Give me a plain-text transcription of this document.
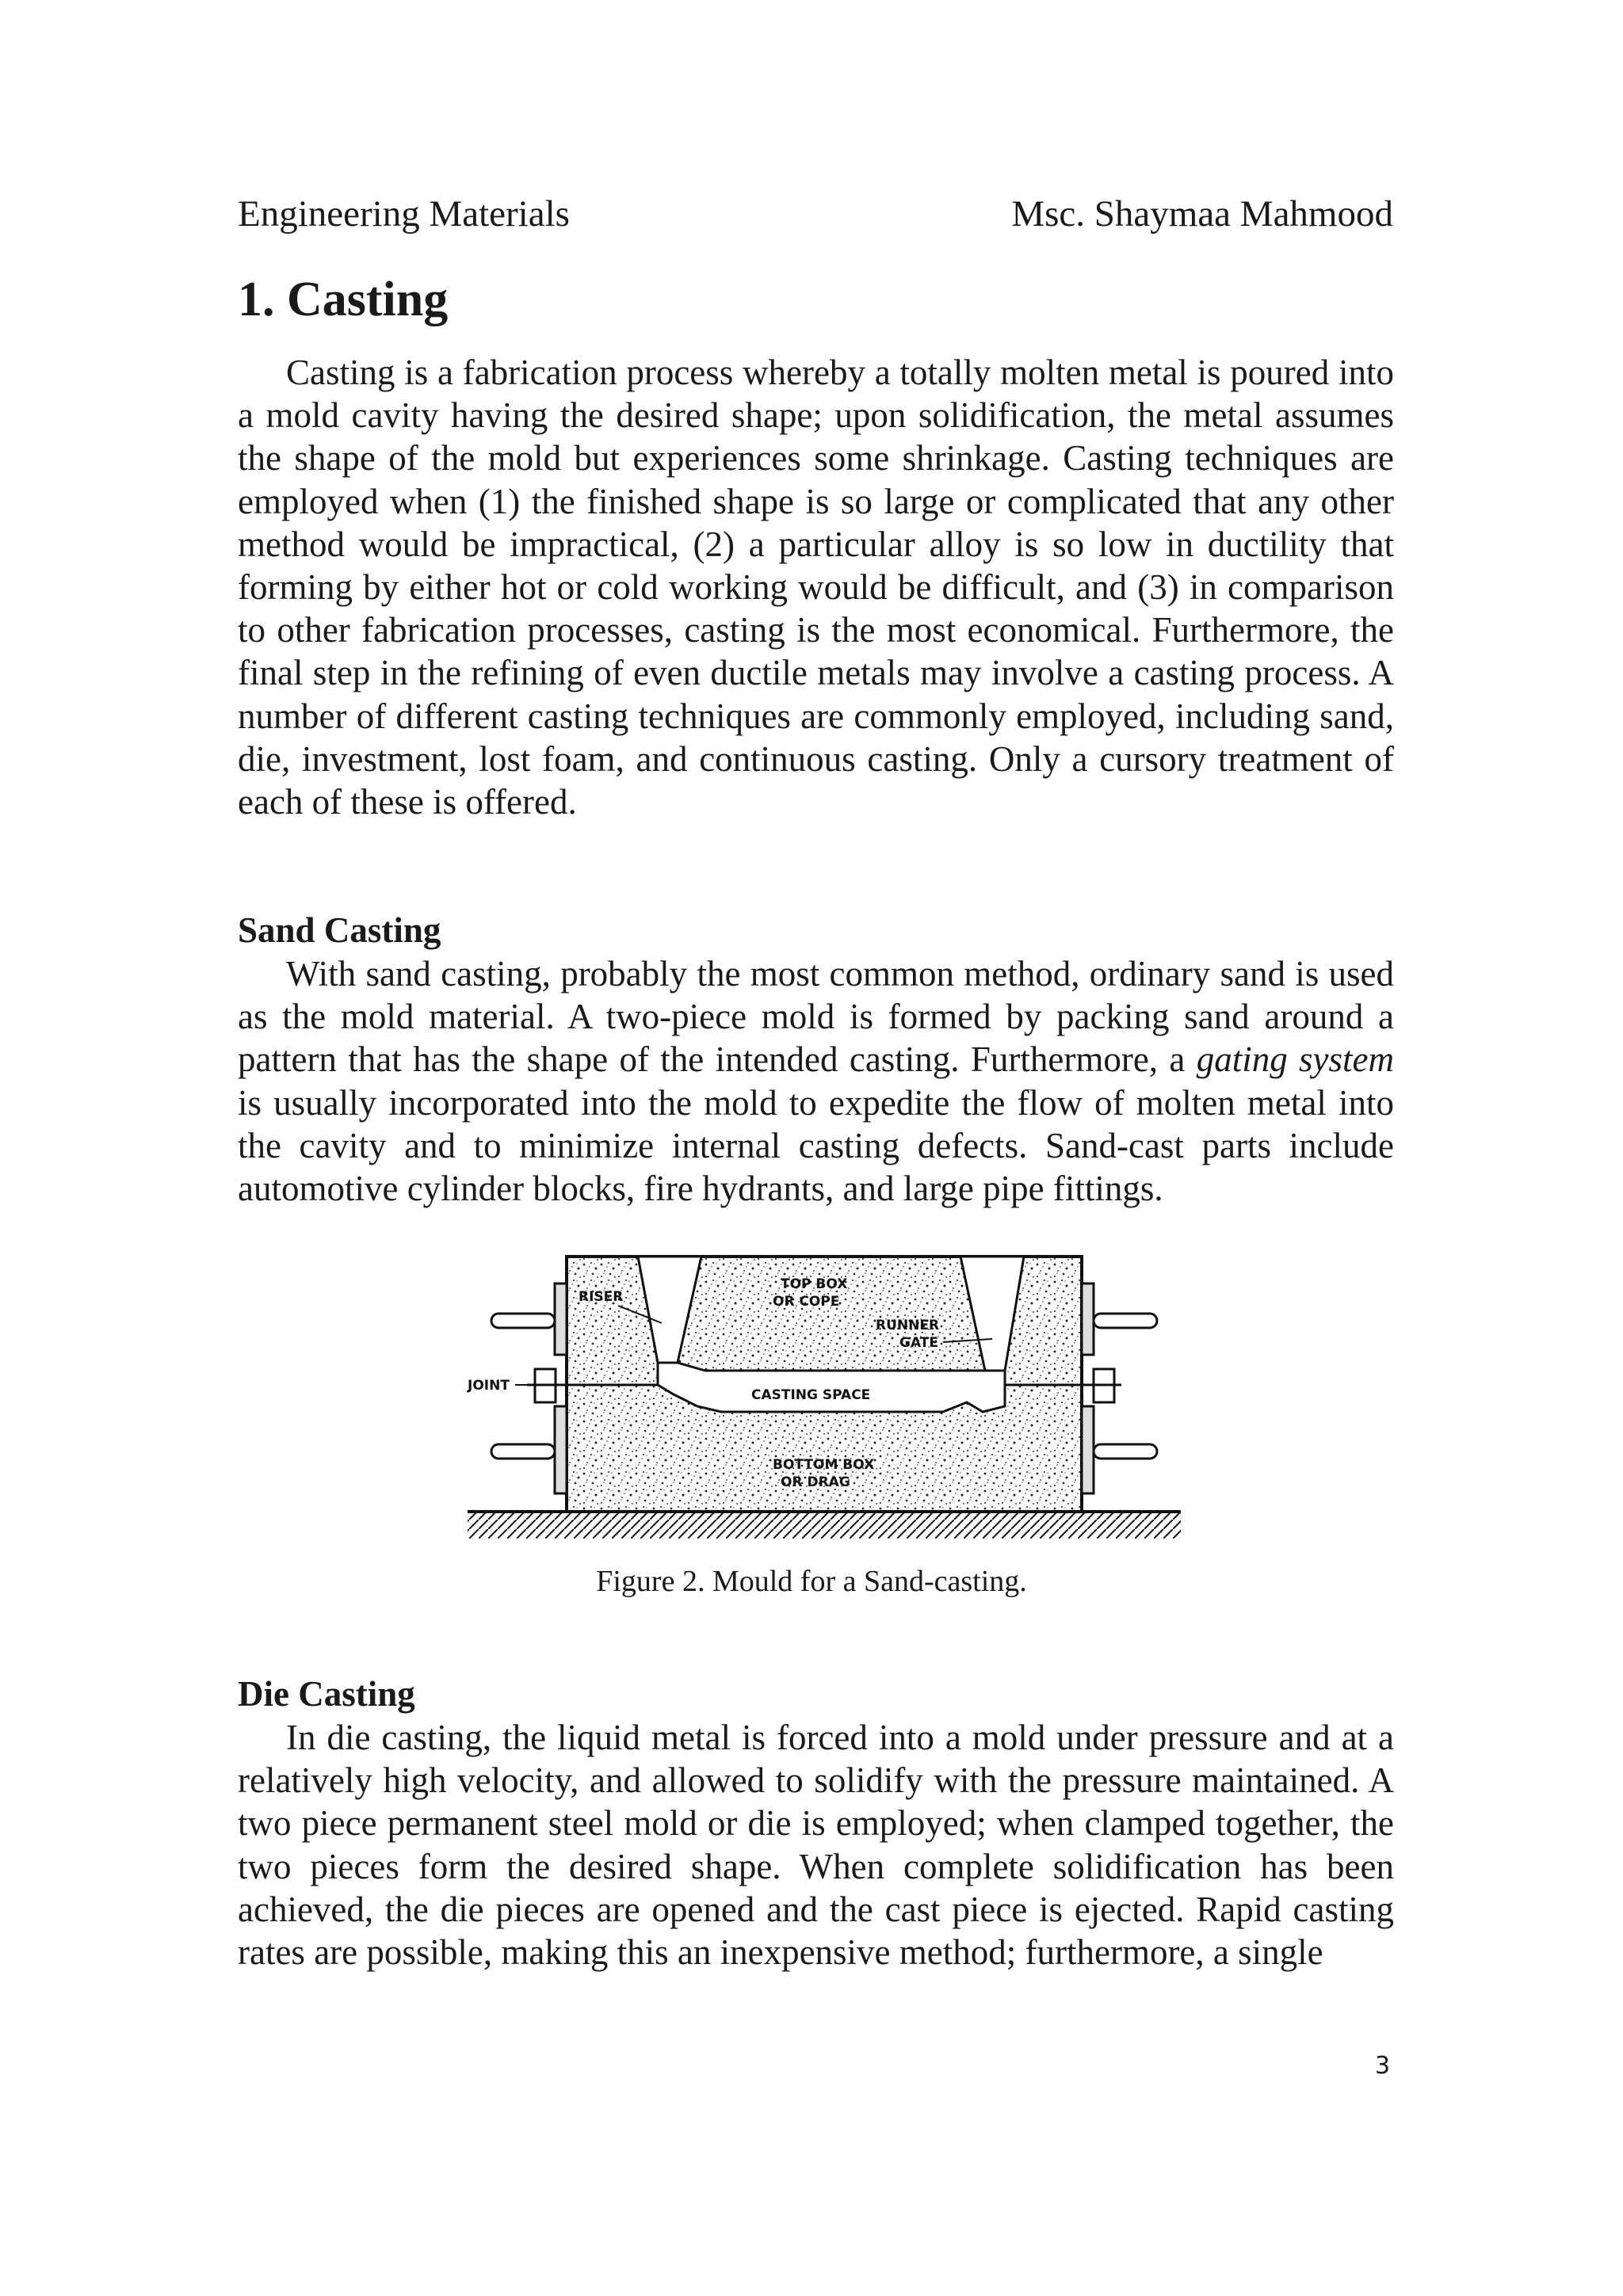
Engineering Materials	Msc. Shaymaa Mahmood
1. Casting

Casting is a fabrication process whereby a totally molten metal is poured into a mold cavity having the desired shape; upon solidification, the metal assumes the shape of the mold but experiences some shrinkage. Casting techniques are employed when (1) the finished shape is so large or complicated that any other method would be impractical, (2) a particular alloy is so low in ductility that forming by either hot or cold working would be difficult, and (3) in comparison to other fabrication processes, casting is the most economical. Furthermore, the final step in the refining of even ductile metals may involve a casting process. A number of different casting techniques are commonly employed, including sand, die, investment, lost foam, and continuous casting. Only a cursory treatment of each of these is offered.

Sand Casting

With sand casting, probably the most common method, ordinary sand is used as the mold material. A two-piece mold is formed by packing sand around a pattern that has the shape of the intended casting. Furthermore, a gating system is usually incorporated into the mold to expedite the flow of molten metal into the cavity and to minimize internal casting defects. Sand-cast parts include automotive cylinder blocks, fire hydrants, and large pipe fittings.

RISER
TOP BOX
OR COPE
RUNNER
GATE
JOINT
CASTING SPACE
BOTTOM BOX
OR DRAG
Figure 2. Mould for a Sand-casting.
Die Casting

In die casting, the liquid metal is forced into a mold under pressure and at a relatively high velocity, and allowed to solidify with the pressure maintained. A two piece permanent steel mold or die is employed; when clamped together, the two pieces form the desired shape. When complete solidification has been achieved, the die pieces are opened and the cast piece is ejected. Rapid casting rates are possible, making this an inexpensive method; furthermore, a single

3
